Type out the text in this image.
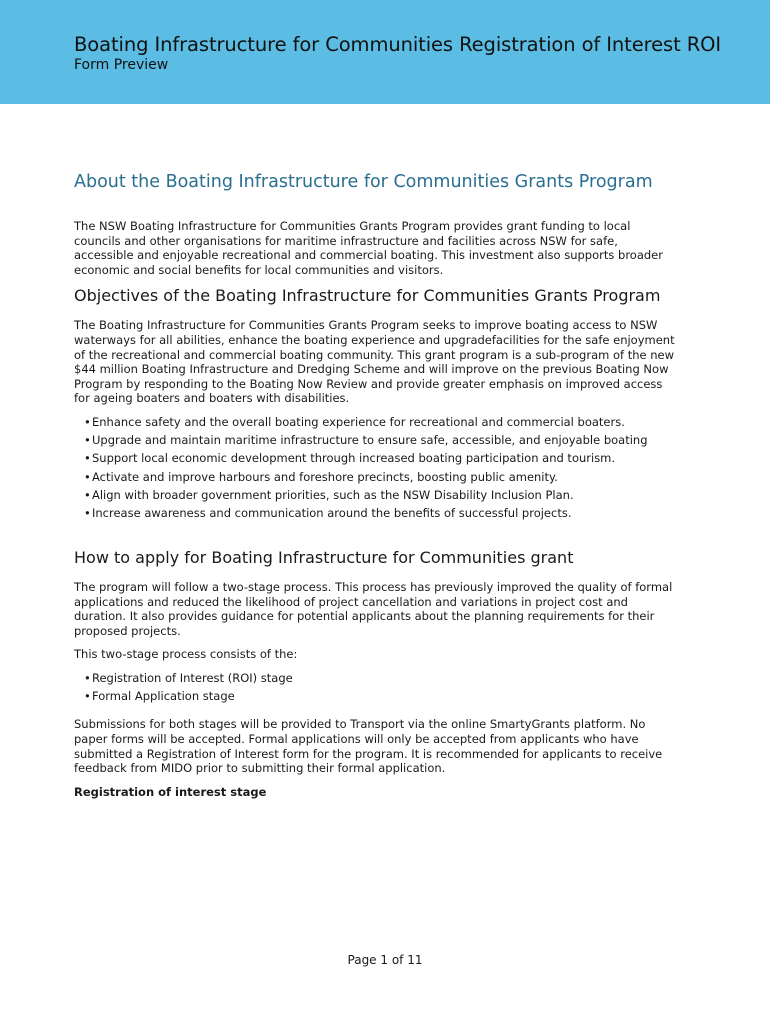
Boating Infrastructure for Communities Registration of Interest ROI
Form Preview
About the Boating Infrastructure for Communities Grants Program

The NSW Boating Infrastructure for Communities Grants Program provides grant funding to local councils and other organisations for maritime infrastructure and facilities across NSW for safe, accessible and enjoyable recreational and commercial boating. This investment also supports broader economic and social benefits for local communities and visitors.

Objectives of the Boating Infrastructure for Communities Grants Program

The Boating Infrastructure for Communities Grants Program seeks to improve boating access to NSW waterways for all abilities, enhance the boating experience and upgradefacilities for the safe enjoyment of the recreational and commercial boating community. This grant program is a sub-program of the new $44 million Boating Infrastructure and Dredging Scheme and will improve on the previous Boating Now Program by responding to the Boating Now Review and provide greater emphasis on improved access for ageing boaters and boaters with disabilities.

• Enhance safety and the overall boating experience for recreational and commercial boaters.
• Upgrade and maintain maritime infrastructure to ensure safe, accessible, and enjoyable boating
• Support local economic development through increased boating participation and tourism.
• Activate and improve harbours and foreshore precincts, boosting public amenity.
• Align with broader government priorities, such as the NSW Disability Inclusion Plan.
• Increase awareness and communication around the benefits of successful projects.
How to apply for Boating Infrastructure for Communities grant

The program will follow a two-stage process. This process has previously improved the quality of formal applications and reduced the likelihood of project cancellation and variations in project cost and duration. It also provides guidance for potential applicants about the planning requirements for their proposed projects.

This two-stage process consists of the:

• Registration of Interest (ROI) stage
• Formal Application stage

Submissions for both stages will be provided to Transport via the online SmartyGrants platform. No paper forms will be accepted. Formal applications will only be accepted from applicants who have submitted a Registration of Interest form for the program. It is recommended for applicants to receive feedback from MIDO prior to submitting their formal application.

Registration of interest stage

Page 1 of 11
